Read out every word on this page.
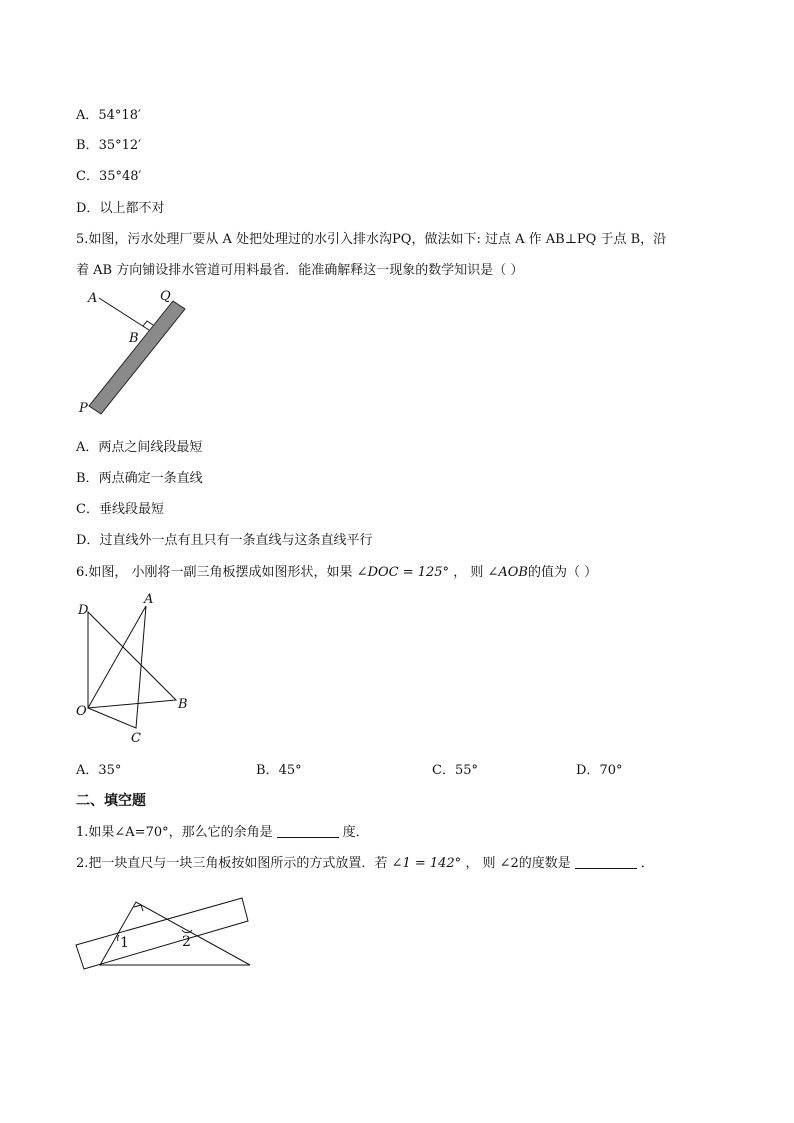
A．54°18′
B．35°12′
C．35°48′
D．以上都不对
5.如图，污水处理厂要从 A 处把处理过的水引入排水沟PQ，做法如下: 过点 A 作 AB⊥PQ 于点 B，沿
着 AB 方向铺设排水管道可用料最省．能准确解释这一现象的数学知识是（ ）
A	Q
B
P
A．两点之间线段最短
B．两点确定一条直线
C．垂线段最短
D．过直线外一点有且只有一条直线与这条直线平行
6.如图， 小刚将一副三角板摆成如图形状，如果 ∠DOC = 125° ， 则 ∠AOB的值为（ ）
D
A
O	B
C
A．35°	B．45°	C．55°	D．70°
二、填空题
1.如果∠A=70°，那么它的余角是	度．
2.把一块直尺与一块三角板按如图所示的方式放置．若 ∠1 = 142° ， 则 ∠2的度数是	．
1	2
